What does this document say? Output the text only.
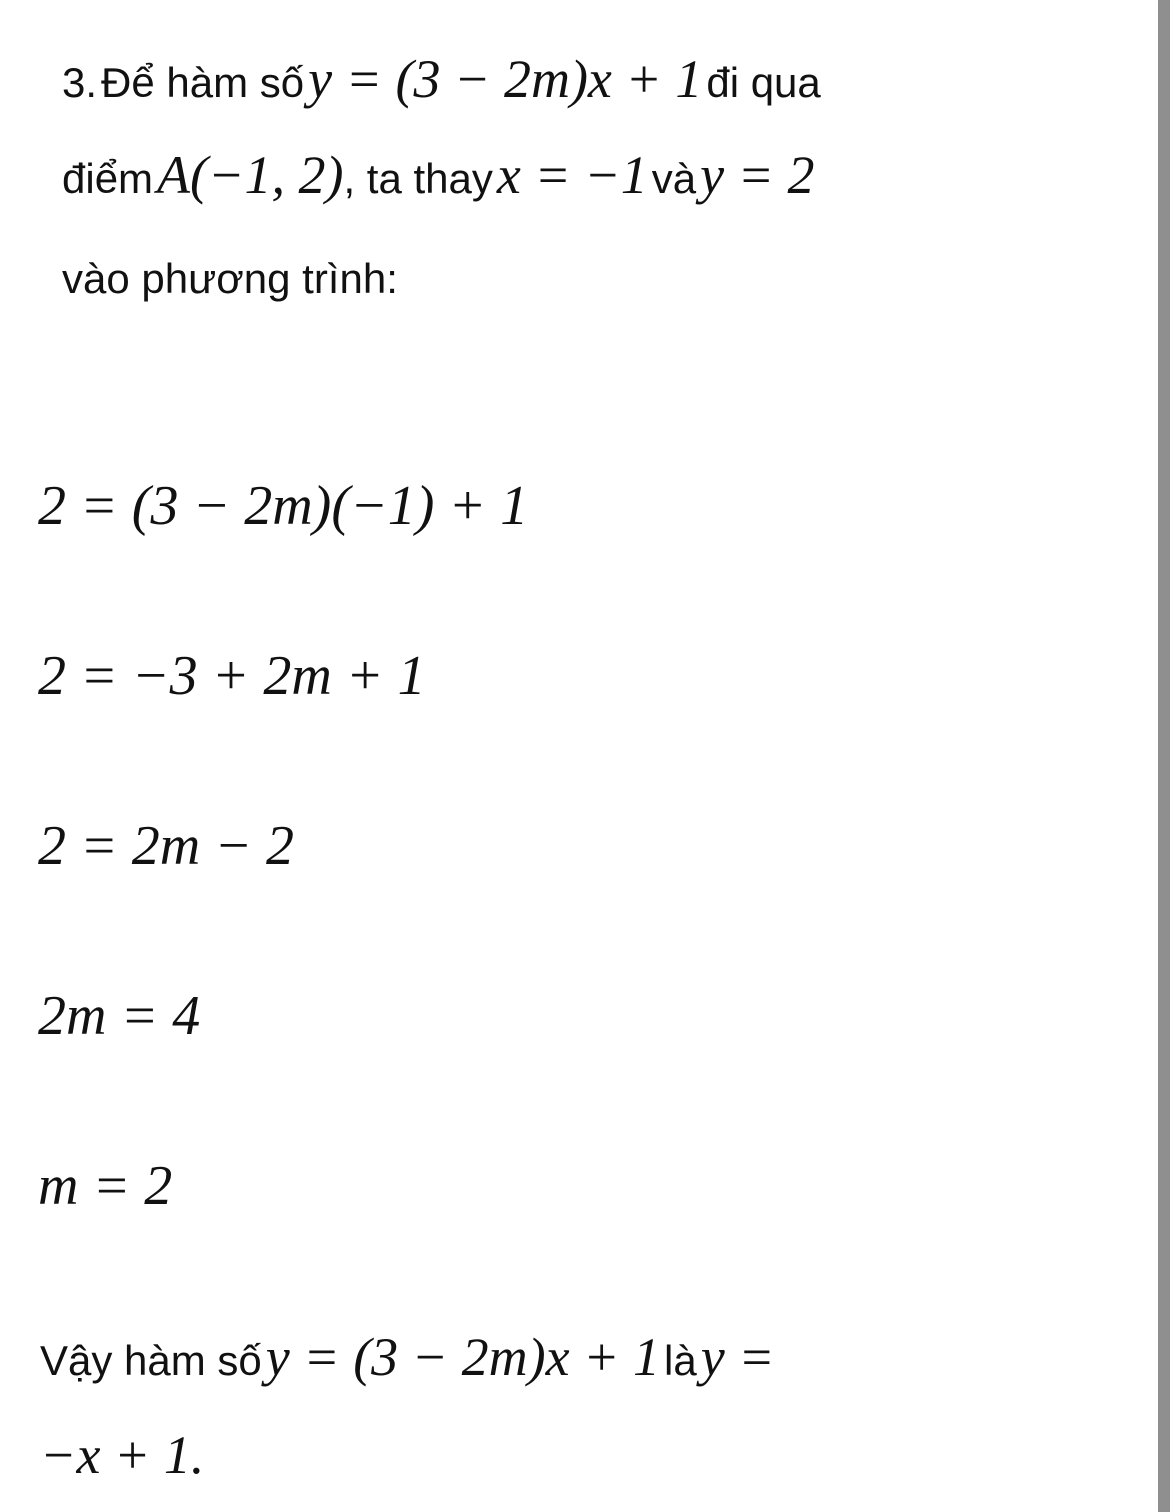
3. Để hàm số y = (3 − 2m)x + 1 đi qua
điểm A(−1, 2), ta thay x = −1 và y = 2
vào phương trình:
2 = (3 − 2m)(−1) + 1
2 = −3 + 2m + 1
2 = 2m − 2
2m = 4
m = 2
Vậy hàm số y = (3 − 2m)x + 1 là y =
−x + 1.
